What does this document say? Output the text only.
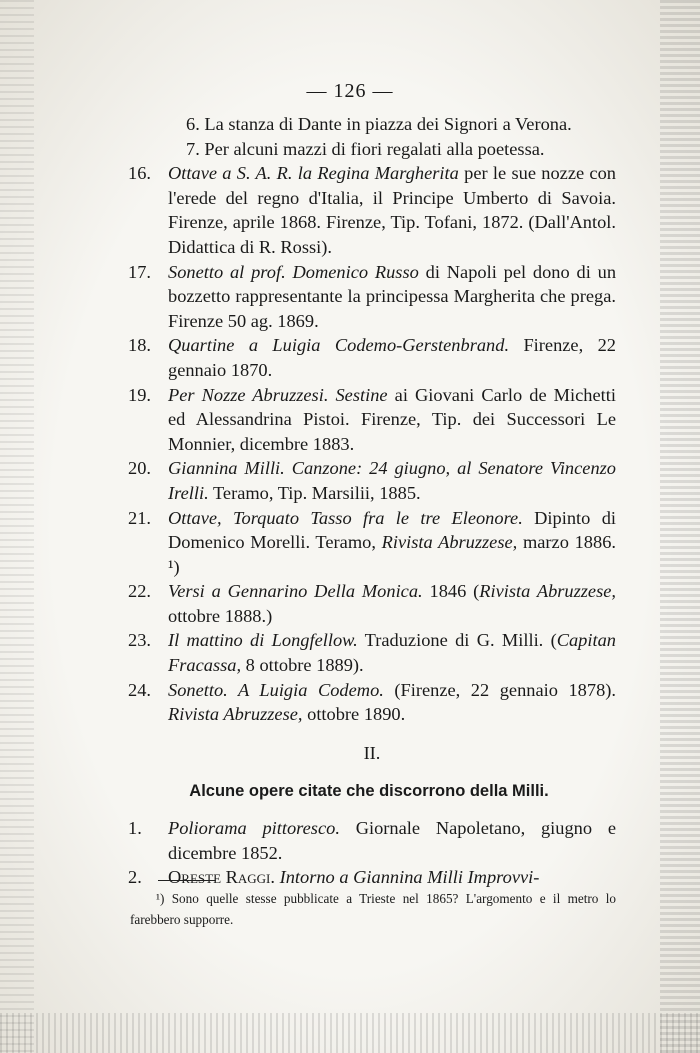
— 126 —
6. La stanza di Dante in piazza dei Signori a Verona.
7. Per alcuni mazzi di fiori regalati alla poetessa.
16. Ottave a S. A. R. la Regina Margherita per le sue nozze con l'erede del regno d'Italia, il Principe Umberto di Savoia. Firenze, aprile 1868. Firenze, Tip. Tofani, 1872. (Dall'Antol. Didattica di R. Rossi).
17. Sonetto al prof. Domenico Russo di Napoli pel dono di un bozzetto rappresentante la principessa Margherita che prega. Firenze 50 ag. 1869.
18. Quartine a Luigia Codemo-Gerstenbrand. Firenze, 22 gennaio 1870.
19. Per Nozze Abruzzesi. Sestine ai Giovani Carlo de Michetti ed Alessandrina Pistoi. Firenze, Tip. dei Successori Le Monnier, dicembre 1883.
20. Giannina Milli. Canzone: 24 giugno, al Senatore Vincenzo Irelli. Teramo, Tip. Marsilii, 1885.
21. Ottave, Torquato Tasso fra le tre Eleonore. Dipinto di Domenico Morelli. Teramo, Rivista Abruzzese, marzo 1886. ¹)
22. Versi a Gennarino Della Monica. 1846 (Rivista Abruzzese, ottobre 1888.)
23. Il mattino di Longfellow. Traduzione di G. Milli. (Capitan Fracassa, 8 ottobre 1889).
24. Sonetto. A Luigia Codemo. (Firenze, 22 gennaio 1878). Rivista Abruzzese, ottobre 1890.
II.
Alcune opere citate che discorrono della Milli.
1.	Poliorama pittoresco. Giornale Napoletano, giugno e dicembre 1852.
2.	Oreste Raggi. Intorno a Giannina Milli Improvvi-
¹) Sono quelle stesse pubblicate a Trieste nel 1865? L'argomento e il metro lo farebbero supporre.
